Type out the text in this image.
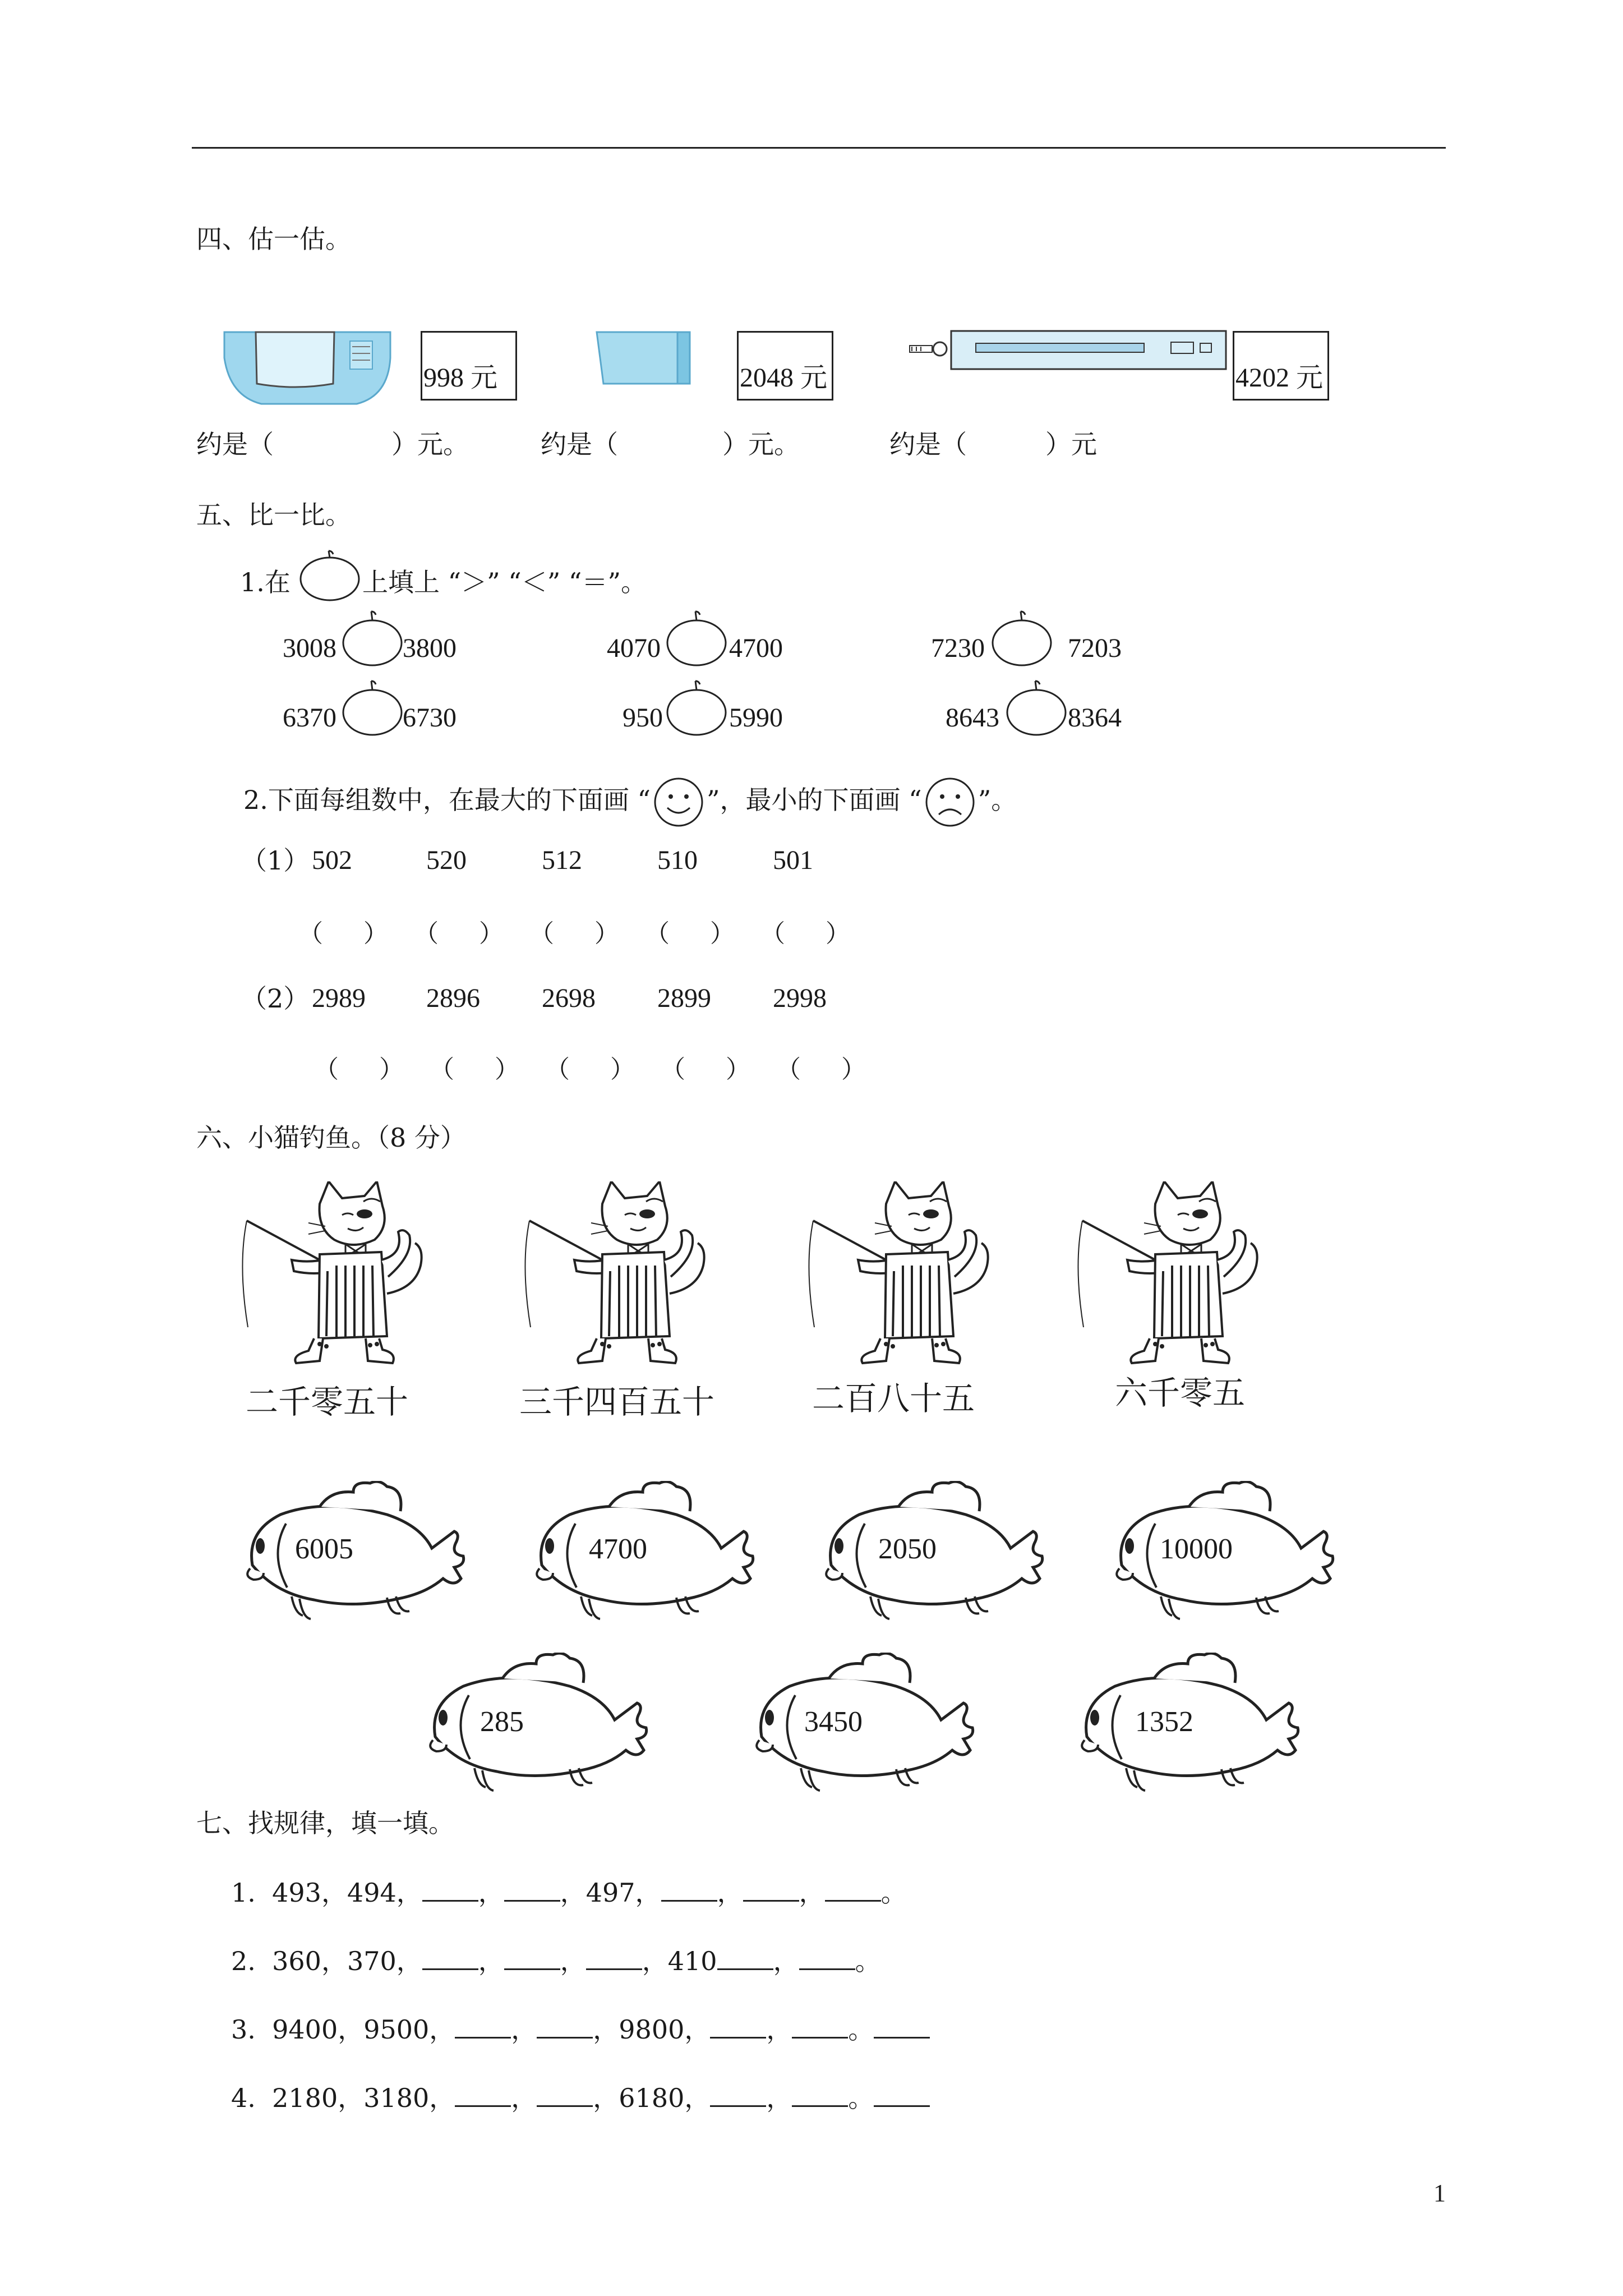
四、估一估。
998 元	2048 元	4202 元
约是（	）元。	约是（	）元。	约是（	）元
五、比一比。
1.在	上填上 “＞” “＜” “＝”。
3008 3800	4070	4700	7230	7203
6370 6730	950 5990	8643	8364
2.下面每组数中，在最大的下面画 “ ”，最小的下面画 “ ”。
（1） 502	520	512	510	501
（ ） （ ） （ ） （ ） （ ）
（2） 2989 2896 2698 2899 2998
（ ） （ ） （ ） （ ） （ ）
六、小猫钓鱼。（8 分）
二千零五十	三千四百五十	二百八十五	六千零五
6005	4700	2050	10000
285	3450	1352
七、找规律，填一填。
1. 493，494， ， ，497， ， ， 。
2. 360，370， ， ， ，410 ， 。
3. 9400，9500， ， ，9800， ， 。
4. 2180，3180， ， ，6180， ， 。
1
